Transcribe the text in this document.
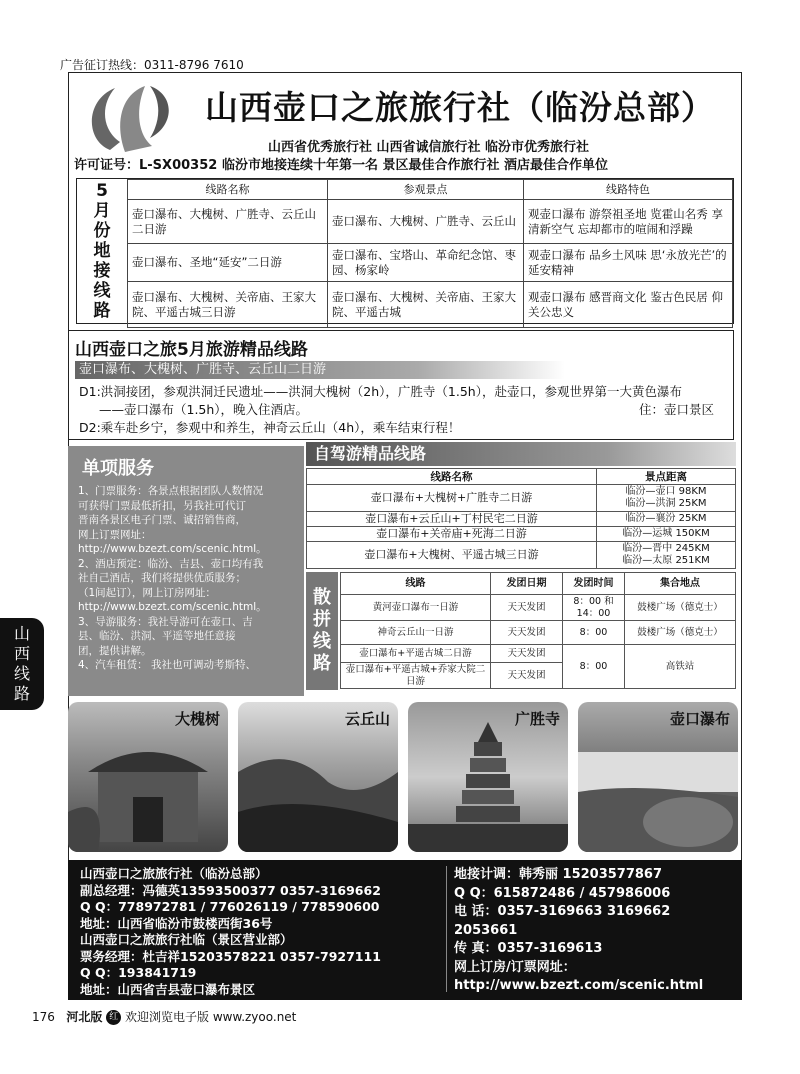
广告征订热线：0311-8796 7610
山西壶口之旅旅行社（临汾总部）
山西省优秀旅行社 山西省诚信旅行社 临汾市优秀旅行社
许可证号：L-SX00352 临汾市地接连续十年第一名 景区最佳合作旅行社 酒店最佳合作单位
5
月
份
地
接
线
路
线路名称	参观景点	线路特色
壶口瀑布、大槐树、广胜寺、云丘山二日游	壶口瀑布、大槐树、广胜寺、云丘山	观壶口瀑布 游祭祖圣地 览霍山名秀 享清新空气 忘却都市的喧闹和浮躁
壶口瀑布、圣地“延安”二日游	壶口瀑布、宝塔山、革命纪念馆、枣园、杨家岭	观壶口瀑布 品乡土风味 思‘永放光芒’的延安精神
壶口瀑布、大槐树、关帝庙、王家大院、平遥古城三日游	壶口瀑布、大槐树、关帝庙、王家大院、平遥古城	观壶口瀑布 感晋商文化 鉴古色民居 仰关公忠义
山西壶口之旅5月旅游精品线路
壶口瀑布、大槐树、广胜寺、云丘山二日游
D1:洪洞接团，参观洪洞迁民遗址——洪洞大槐树（2h），广胜寺（1.5h），赴壶口，参观世界第一大黄色瀑布
——壶口瀑布（1.5h），晚入住酒店。	住：壶口景区
D2:乘车赴乡宁，参观中和养生，神奇云丘山（4h），乘车结束行程！
单项服务
1、门票服务：各景点根据团队人数情况
可获得门票最低折扣，另我社可代订
晋南各景区电子门票、诚招销售商，
网上订票网址：
http://www.bzezt.com/scenic.html。
2、酒店预定：临汾、吉县、壶口均有我
社自己酒店，我们将提供优质服务；
（1间起订），网上订房网址：
http://www.bzezt.com/scenic.html。
3、导游服务：我社导游可在壶口、吉
县、临汾、洪洞、平遥等地任意接
团，提供讲解。
4、汽车租赁： 我社也可调动考斯特、
自驾游精品线路
线路名称	景点距离
壶口瀑布+大槐树+广胜寺二日游	临汾—壶口 98KM
临汾—洪洞 25KM

壶口瀑布+云丘山+丁村民宅二日游	临汾—襄汾 25KM
壶口瀑布+关帝庙+死海二日游	临汾—运城 150KM
壶口瀑布+大槐树、平遥古城三日游	临汾—晋中 245KM
临汾—太原 251KM
散
拼
线
路
线路	发团日期	发团时间	集合地点
黄河壶口瀑布一日游	天天发团	8：00 和 14：00	鼓楼广场（德克士）
神奇云丘山一日游	天天发团	8：00	鼓楼广场（德克士）
壶口瀑布+平遥古城二日游	天天发团	8：00	高铁站
壶口瀑布+平遥古城+乔家大院二日游	天天发团		
山
西
线
路
大槐树	云丘山	广胜寺	壶口瀑布
山西壶口之旅旅行社（临汾总部）
副总经理：冯德英13593500377 0357-3169662
Q Q：778972781 / 776026119 / 778590600
地址：山西省临汾市鼓楼西街36号
山西壶口之旅旅行社临（景区营业部）
票务经理：杜吉祥15203578221 0357-7927111
Q Q：193841719
地址：山西省吉县壶口瀑布景区
地接计调：韩秀丽 15203577867
Q Q：615872486 / 457986006
电 话：0357-3169663 3169662
2053661
传 真：0357-3169613
网上订房/订票网址：
http://www.bzezt.com/scenic.html
176 河北版 红 欢迎浏览电子版 www.zyoo.net
